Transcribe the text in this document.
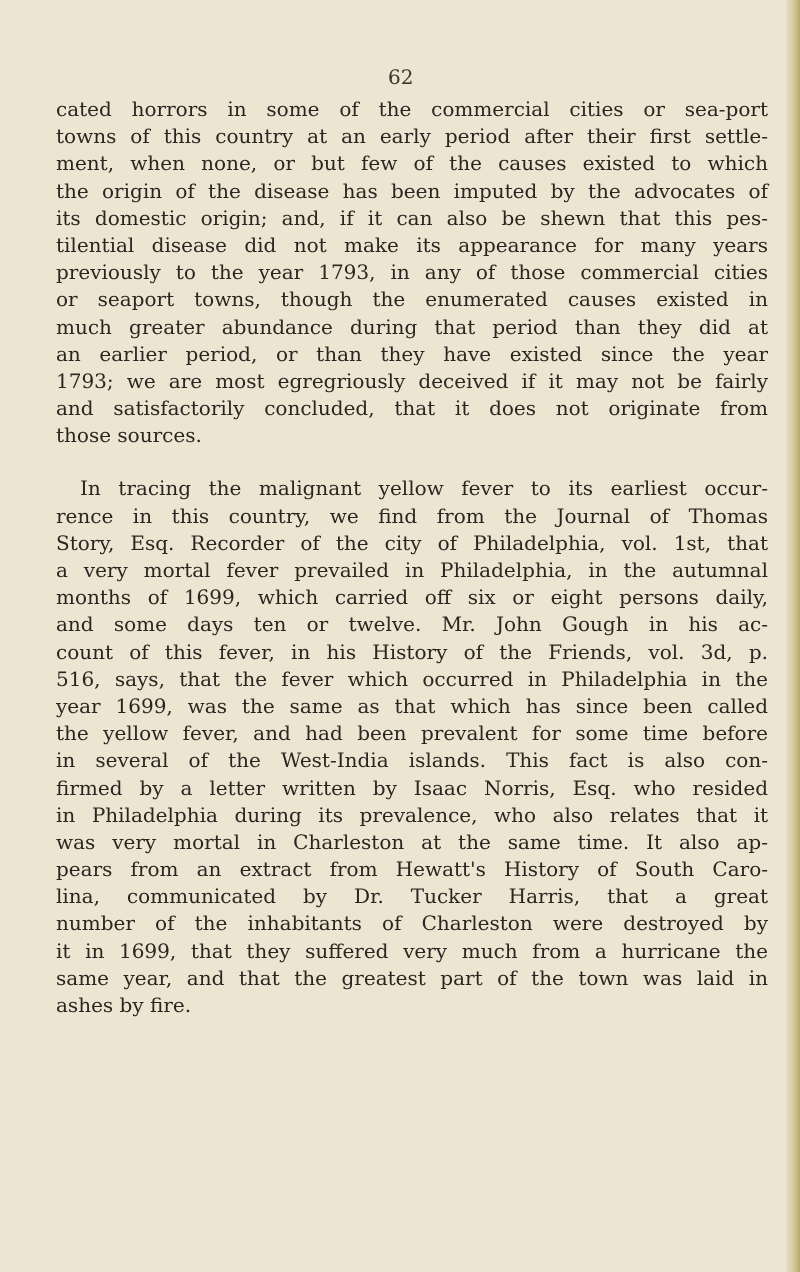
62
cated horrors in some of the commercial cities or sea-port
towns of this country at an early period after their first settle-
ment, when none, or but few of the causes existed to which
the origin of the disease has been imputed by the advocates of
its domestic origin; and, if it can also be shewn that this pes-
tilential disease did not make its appearance for many years
previously to the year 1793, in any of those commercial cities
or seaport towns, though the enumerated causes existed in
much greater abundance during that period than they did at
an earlier period, or than they have existed since the year
1793; we are most egregriously deceived if it may not be fairly
and satisfactorily concluded, that it does not originate from
those sources.
In tracing the malignant yellow fever to its earliest occur-
rence in this country, we find from the Journal of Thomas
Story, Esq. Recorder of the city of Philadelphia, vol. 1st, that
a very mortal fever prevailed in Philadelphia, in the autumnal
months of 1699, which carried off six or eight persons daily,
and some days ten or twelve. Mr. John Gough in his ac-
count of this fever, in his History of the Friends, vol. 3d, p.
516, says, that the fever which occurred in Philadelphia in the
year 1699, was the same as that which has since been called
the yellow fever, and had been prevalent for some time before
in several of the West-India islands. This fact is also con-
firmed by a letter written by Isaac Norris, Esq. who resided
in Philadelphia during its prevalence, who also relates that it
was very mortal in Charleston at the same time. It also ap-
pears from an extract from Hewatt's History of South Caro-
lina, communicated by Dr. Tucker Harris, that a great
number of the inhabitants of Charleston were destroyed by
it in 1699, that they suffered very much from a hurricane the
same year, and that the greatest part of the town was laid in
ashes by fire.
